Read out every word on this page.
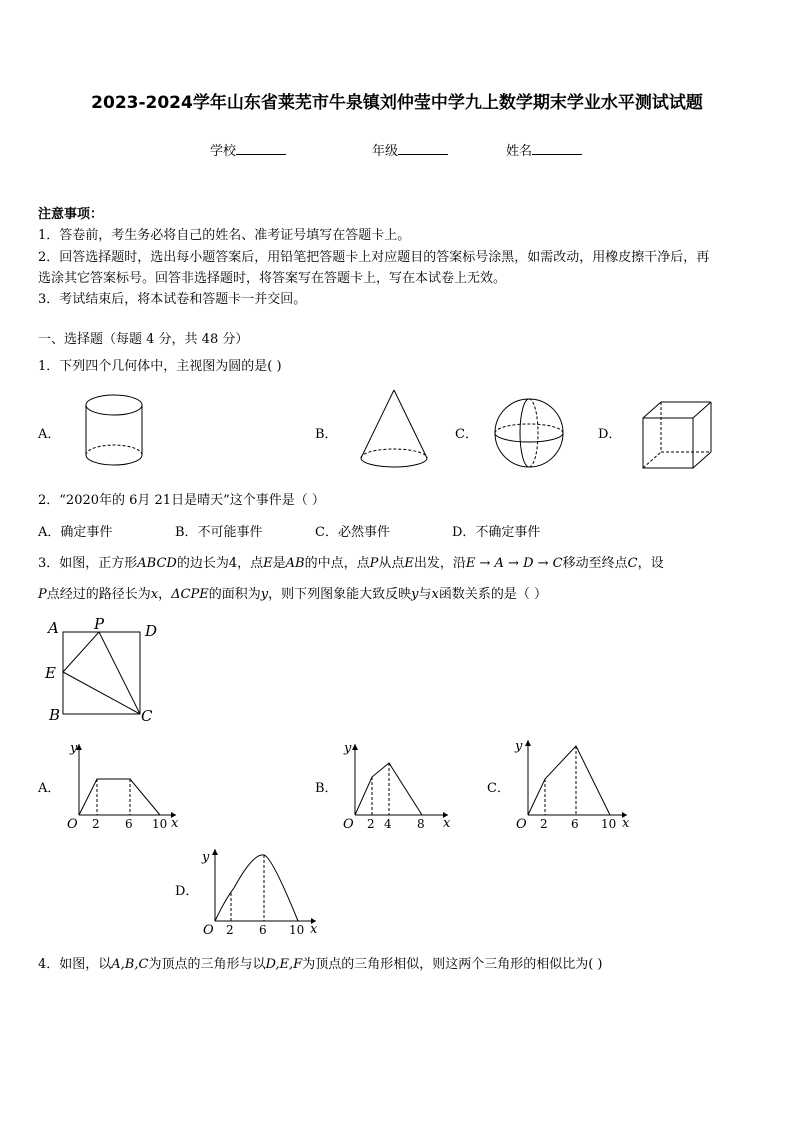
2023-2024学年山东省莱芜市牛泉镇刘仲莹中学九上数学期末学业水平测试试题
学校	年级	姓名
注意事项：
1．答卷前，考生务必将自己的姓名、准考证号填写在答题卡上。
2．回答选择题时，选出每小题答案后，用铅笔把答题卡上对应题目的答案标号涂黑，如需改动，用橡皮擦干净后，再
选涂其它答案标号。回答非选择题时，将答案写在答题卡上，写在本试卷上无效。
3．考试结束后，将本试卷和答题卡一并交回。
一、选择题（每题 4 分，共 48 分）
1．下列四个几何体中，主视图为圆的是( )
A．	B．	C．	D．
2．“2020年的 6月 21日是晴天”这个事件是（ ）
A．确定事件	B．不可能事件	C．必然事件	D．不确定事件
3．如图，正方形ABCD的边长为4，点E是AB的中点，点P从点E出发，沿E → A → D → C移动至终点C，设
P点经过的路径长为x，ΔCPE的面积为y，则下列图象能大致反映y与x函数关系的是（ ）
A P	D
E
B	C
A．
y
O 2 6 10 x
B．
y
O 2 4 8 x
C．
y
O 2 6 10 x
D．
y
O 2 6 10 x
4．如图，以A,B,C为顶点的三角形与以D,E,F为顶点的三角形相似，则这两个三角形的相似比为( )
